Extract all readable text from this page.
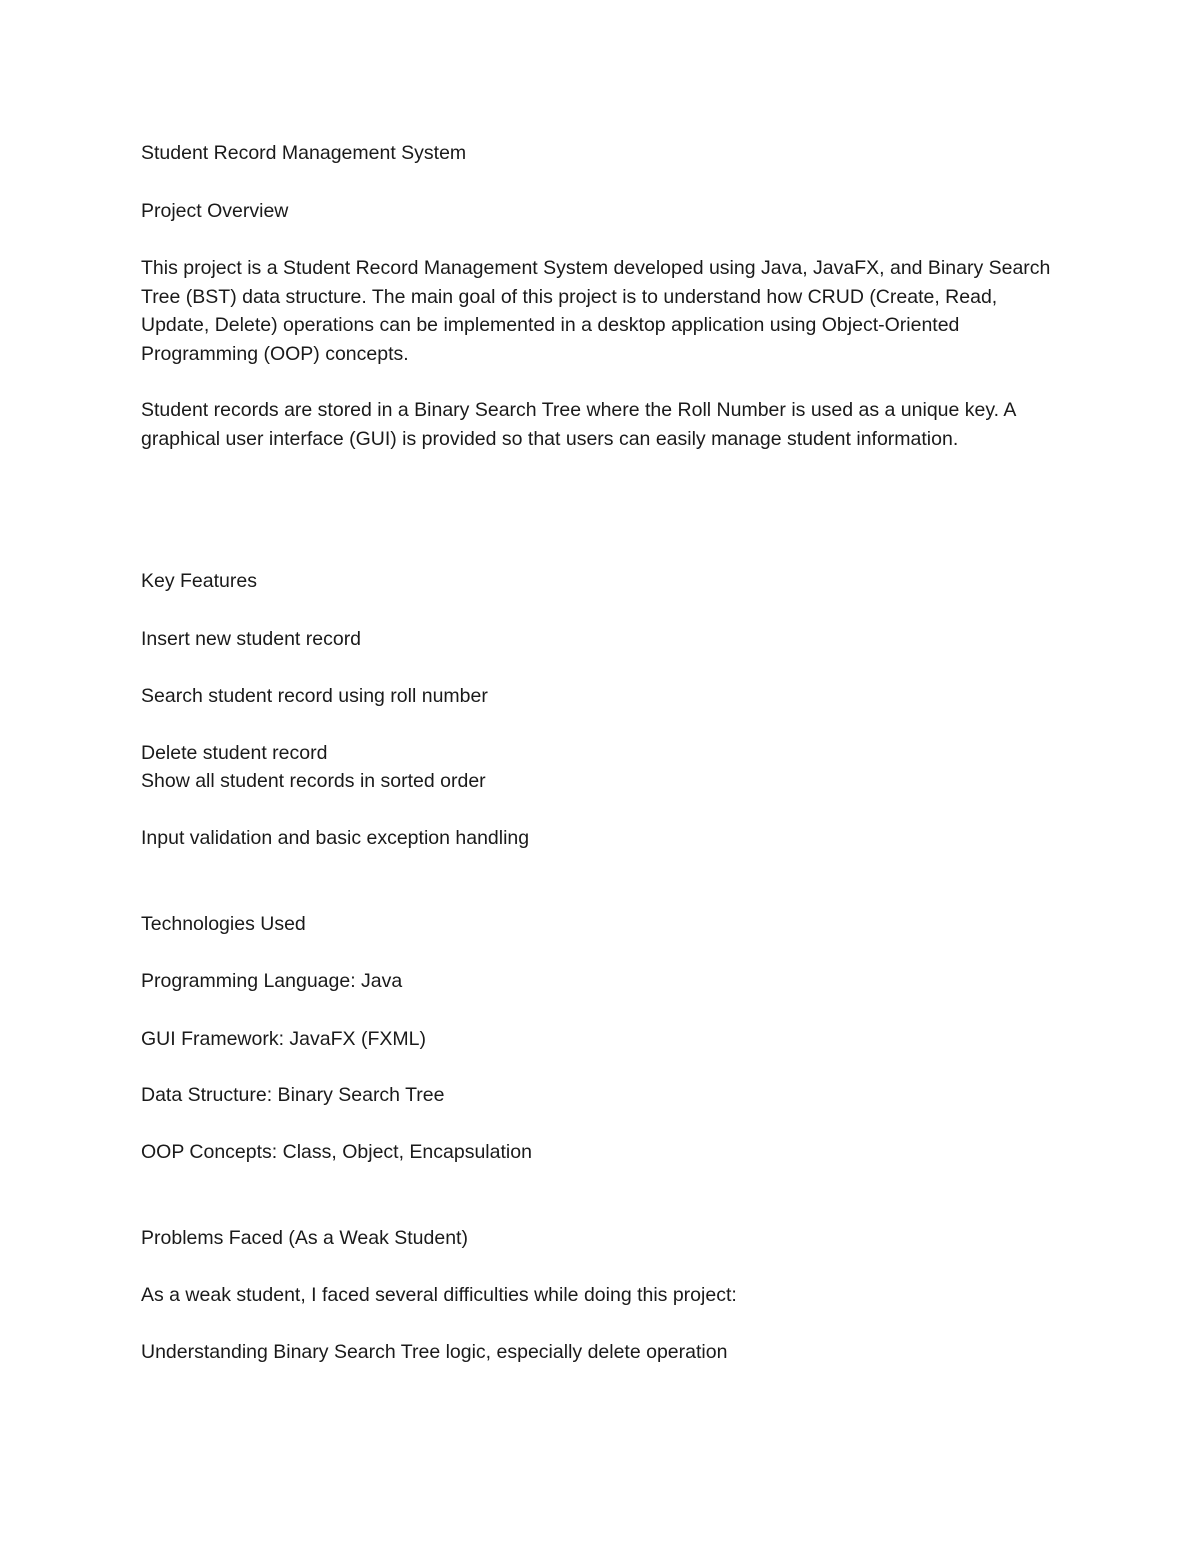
Student Record Management System

Project Overview

This project is a Student Record Management System developed using Java, JavaFX, and Binary Search Tree (BST) data structure. The main goal of this project is to understand how CRUD (Create, Read, Update, Delete) operations can be implemented in a desktop application using Object-Oriented Programming (OOP) concepts.

Student records are stored in a Binary Search Tree where the Roll Number is used as a unique key. A graphical user interface (GUI) is provided so that users can easily manage student information.

Key Features

Insert new student record

Search student record using roll number

Delete student record

Show all student records in sorted order

Input validation and basic exception handling

Technologies Used

Programming Language: Java

GUI Framework: JavaFX (FXML)

Data Structure: Binary Search Tree

OOP Concepts: Class, Object, Encapsulation

Problems Faced (As a Weak Student)

As a weak student, I faced several difficulties while doing this project:

Understanding Binary Search Tree logic, especially delete operation
